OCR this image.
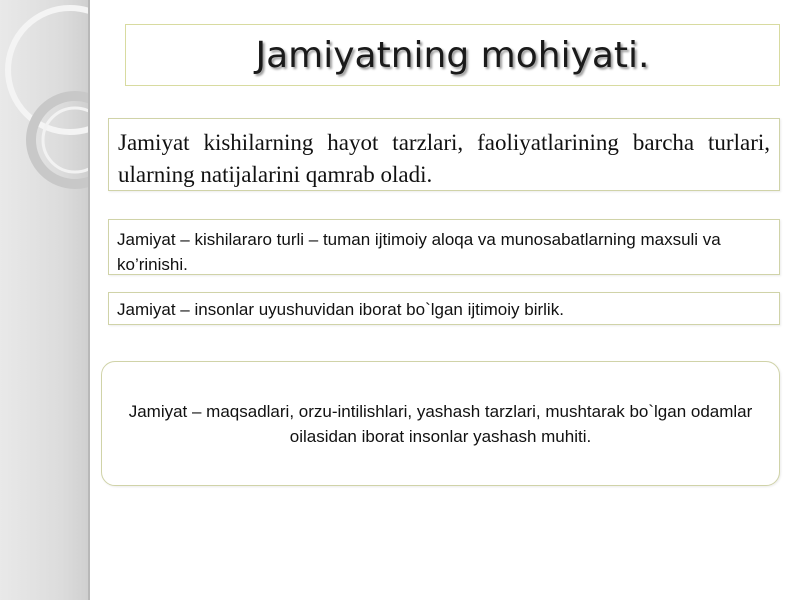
Jamiyatning mohiyati.
Jamiyat kishilarning hayot tarzlari, faoliyatlarining barcha turlari, ularning natijalarini qamrab oladi.
Jamiyat – kishilararo turli – tuman ijtimoiy aloqa va munosabatlarning maxsuli va ko’rinishi.
Jamiyat – insonlar uyushuvidan iborat bo`lgan ijtimoiy birlik.
Jamiyat – maqsadlari, orzu-intilishlari, yashash tarzlari, mushtarak bo`lgan odamlar oilasidan iborat insonlar yashash muhiti.
